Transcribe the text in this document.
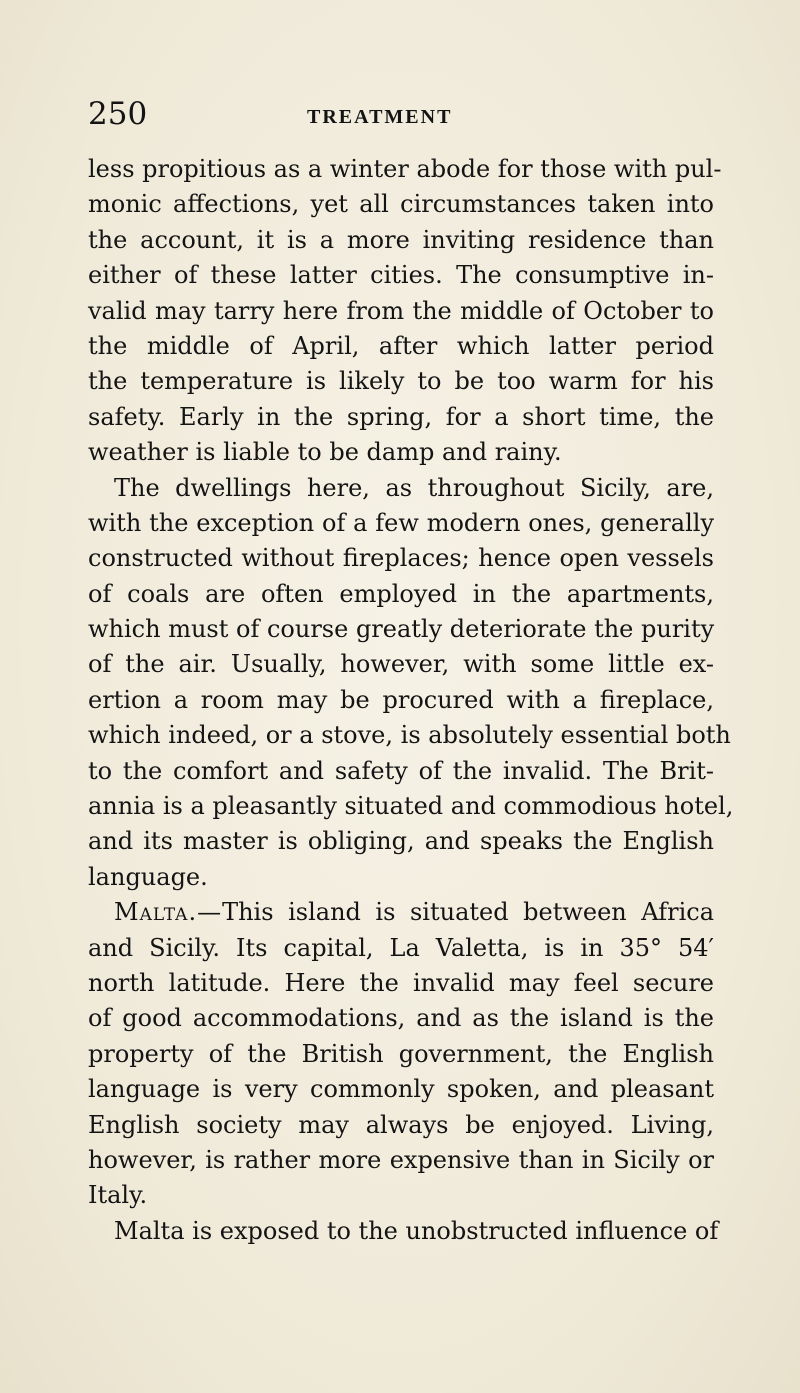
250	TREATMENT

less propitious as a winter abode for those with pul-

monic affections, yet all circumstances taken into

the account, it is a more inviting residence than

either of these latter cities. The consumptive in-

valid may tarry here from the middle of October to

the middle of April, after which latter period

the temperature is likely to be too warm for his

safety. Early in the spring, for a short time, the

weather is liable to be damp and rainy.

The dwellings here, as throughout Sicily, are,

with the exception of a few modern ones, generally

constructed without fireplaces; hence open vessels

of coals are often employed in the apartments,

which must of course greatly deteriorate the purity

of the air. Usually, however, with some little ex-

ertion a room may be procured with a fireplace,

which indeed, or a stove, is absolutely essential both

to the comfort and safety of the invalid. The Brit-

annia is a pleasantly situated and commodious hotel,

and its master is obliging, and speaks the English

language.

Malta.— This island is situated between Africa

and Sicily. Its capital, La Valetta, is in 35° 54′

north latitude. Here the invalid may feel secure

of good accommodations, and as the island is the

property of the British government, the English

language is very commonly spoken, and pleasant

English society may always be enjoyed. Living,

however, is rather more expensive than in Sicily or

Italy.

Malta is exposed to the unobstructed influence of
